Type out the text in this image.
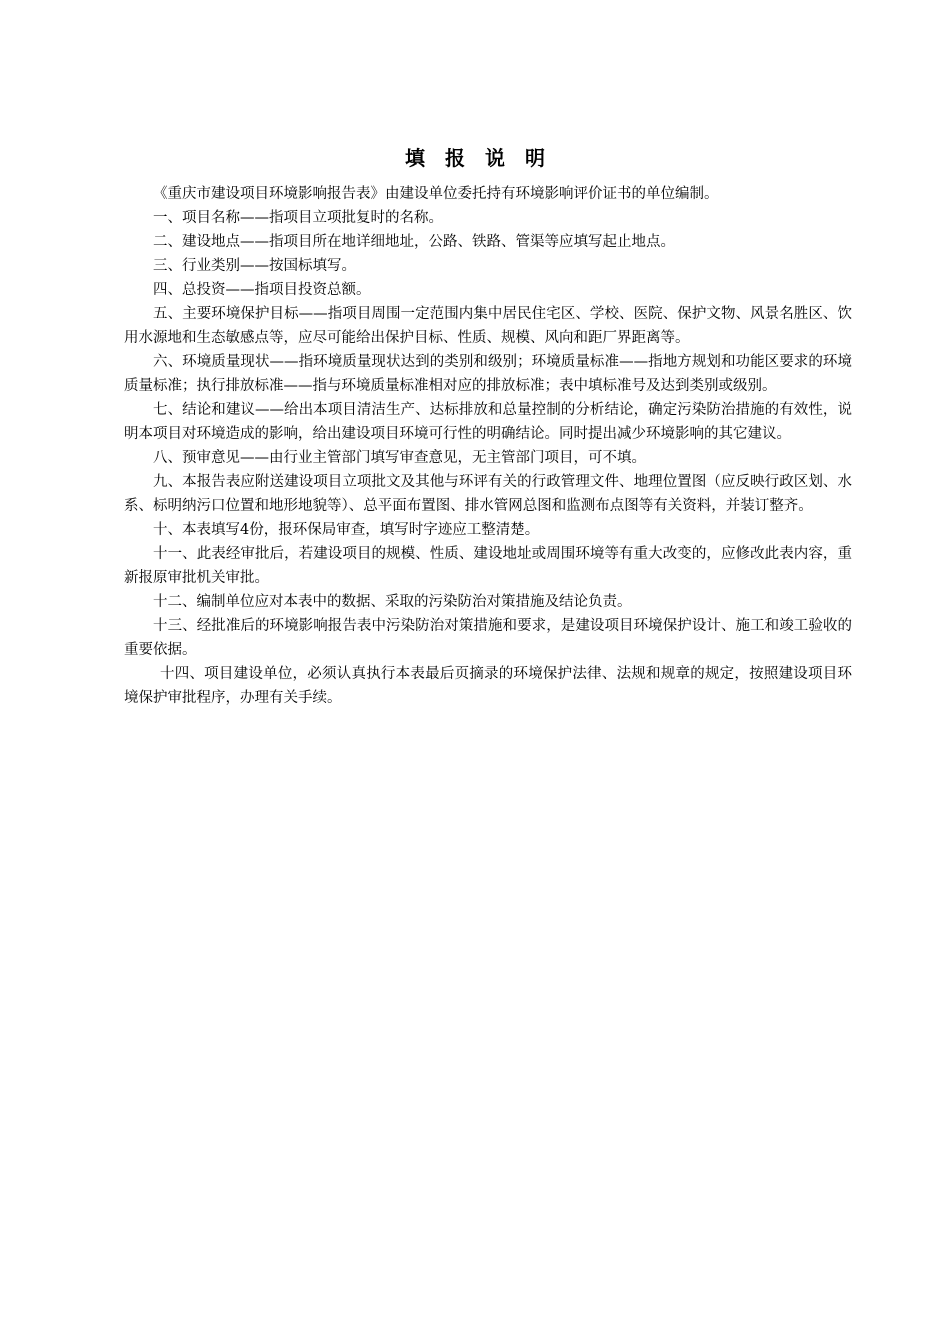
填报说明

《重庆市建设项目环境影响报告表》由建设单位委托持有环境影响评价证书的单位编制。

一、项目名称——指项目立项批复时的名称。

二、建设地点——指项目所在地详细地址，公路、铁路、管渠等应填写起止地点。

三、行业类别——按国标填写。

四、总投资——指项目投资总额。

五、主要环境保护目标——指项目周围一定范围内集中居民住宅区、学校、医院、保护文物、风景名胜区、饮用水源地和生态敏感点等，应尽可能给出保护目标、性质、规模、风向和距厂界距离等。

六、环境质量现状——指环境质量现状达到的类别和级别；环境质量标准——指地方规划和功能区要求的环境质量标准；执行排放标准——指与环境质量标准相对应的排放标准；表中填标准号及达到类别或级别。

七、结论和建议——给出本项目清洁生产、达标排放和总量控制的分析结论，确定污染防治措施的有效性，说明本项目对环境造成的影响，给出建设项目环境可行性的明确结论。同时提出减少环境影响的其它建议。

八、预审意见——由行业主管部门填写审查意见，无主管部门项目，可不填。

九、本报告表应附送建设项目立项批文及其他与环评有关的行政管理文件、地理位置图（应反映行政区划、水系、标明纳污口位置和地形地貌等）、总平面布置图、排水管网总图和监测布点图等有关资料，并装订整齐。

十、本表填写4份，报环保局审查，填写时字迹应工整清楚。

十一、此表经审批后，若建设项目的规模、性质、建设地址或周围环境等有重大改变的，应修改此表内容，重新报原审批机关审批。

十二、编制单位应对本表中的数据、采取的污染防治对策措施及结论负责。

十三、经批准后的环境影响报告表中污染防治对策措施和要求，是建设项目环境保护设计、施工和竣工验收的重要依据。

十四、项目建设单位，必须认真执行本表最后页摘录的环境保护法律、法规和规章的规定，按照建设项目环境保护审批程序，办理有关手续。
